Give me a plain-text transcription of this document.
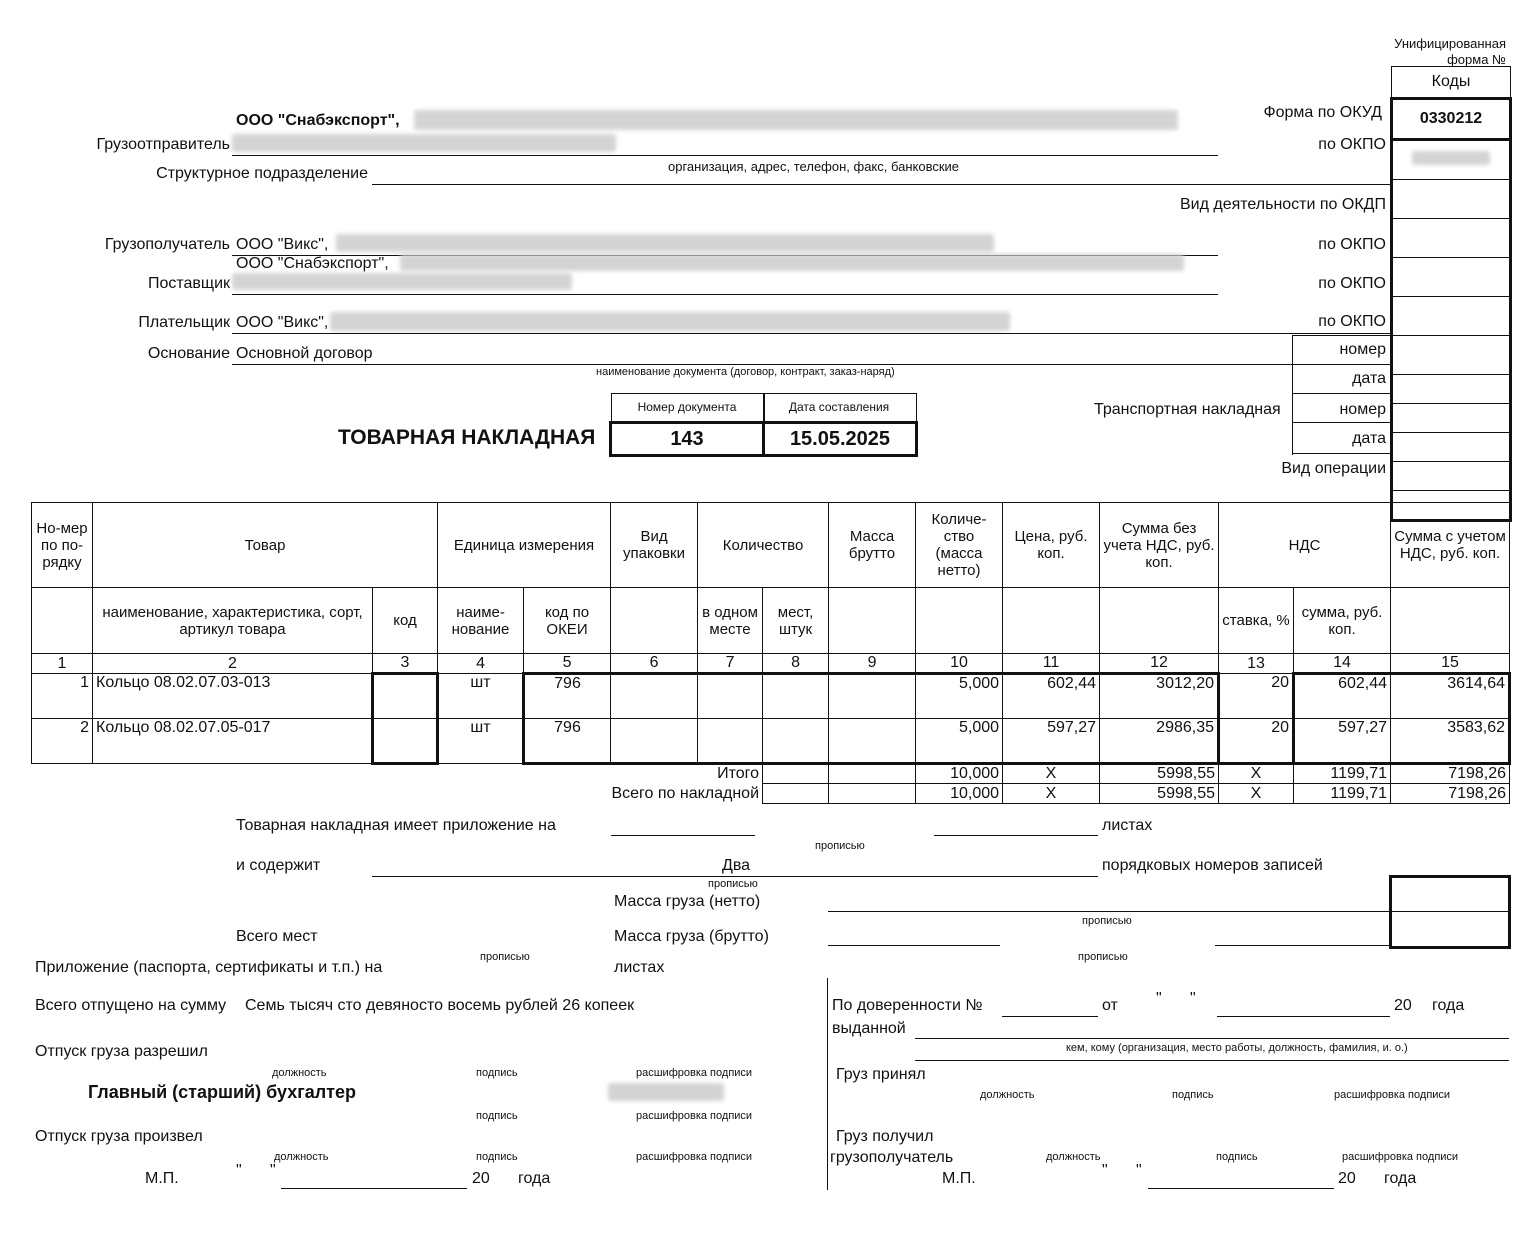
Унифицированная форма №
Коды
0330212

Форма по ОКУД
по ОКПО
Вид деятельности по ОКДП
по ОКПО
по ОКПО
по ОКПО
номер
дата
номер
дата
Транспортная накладная
Вид операции
ООО "Снабэкспорт",
Грузоотправитель
Структурное подразделение	организация, адрес, телефон, факс, банковские
Грузополучатель ООО "Викс",
ООО "Снабэкспорт",
Поставщик
Плательщик ООО "Викс",
Основание Основной договор
наименование документа (договор, контракт, заказ-наряд)
ТОВАРНАЯ НАКЛАДНАЯ
Номер документа	Дата составления
143	15.05.2025
Но-мер по по-рядку	Товар		Единица измерения		Вид упаковки	Количество		Масса брутто	Количе-ство (масса нетто)	Цена, руб. коп.	Сумма без учета НДС, руб. коп.	НДС		Сумма с учетом НДС, руб. коп.
	наименование, характеристика, сорт, артикул товара	код	наиме-нование	код по ОКЕИ		в одном месте	мест, штук					ставка, %	сумма, руб. коп.	
1	2	3	4	5	6	7	8	9	10	11	12	13	14	15
1	Кольцо 08.02.07.03-013		шт	796					5,000	602,44	3012,20	20	602,44	3614,64
2	Кольцо 08.02.07.05-017		шт	796					5,000	597,27	2986,35	20	597,27	3583,62
Итого									10,000	X	5998,55	X	1199,71	7198,26
Всего по накладной									10,000	X	5998,55	X	1199,71	7198,26
Товарная накладная имеет приложение на	листах
прописью
и содержит	Два	порядковых номеров записей
прописью
Масса груза (нетто)
прописью
Всего мест	Масса груза (брутто)
прописью
прописью
Приложение (паспорта, сертификаты и т.п.) на	листах
Всего отпущено на сумму Семь тысяч сто девяносто восемь рублей 26 копеек
Отпуск груза разрешил
должность	подпись	расшифровка подписи
Главный (старший) бухгалтер
подпись	расшифровка подписи
Отпуск груза произвел
должность	подпись	расшифровка подписи
М.П.	" "	20 года
По доверенности №	от " "	20 года
выданной
кем, кому (организация, место работы, должность, фамилия, и. о.)
Груз принял
должность	подпись	расшифровка подписи
Груз получил
грузополучатель	должность	подпись	расшифровка подписи
М.П.	" "	20 года
